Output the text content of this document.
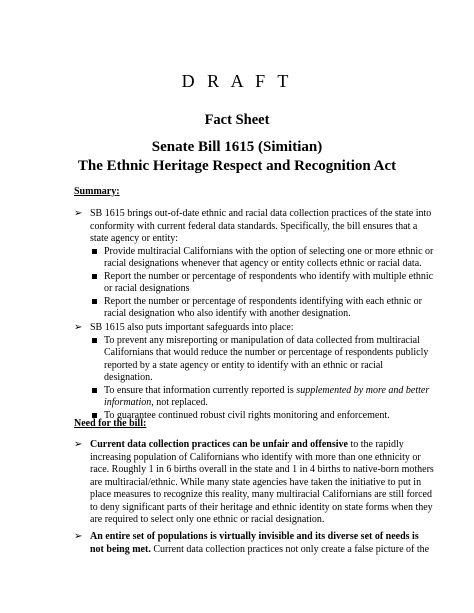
D R A F T
Fact Sheet
Senate Bill 1615 (Simitian)
The Ethnic Heritage Respect and Recognition Act
Summary:
➢ SB 1615 brings out-of-date ethnic and racial data collection practices of the state into conformity with current federal data standards. Specifically, the bill ensures that a state agency or entity:
Provide multiracial Californians with the option of selecting one or more ethnic or racial designations whenever that agency or entity collects ethnic or racial data.
Report the number or percentage of respondents who identify with multiple ethnic or racial designations
Report the number or percentage of respondents identifying with each ethnic or racial designation who also identify with another designation.
➢ SB 1615 also puts important safeguards into place:
To prevent any misreporting or manipulation of data collected from multiracial Californians that would reduce the number or percentage of respondents publicly reported by a state agency or entity to identify with an ethnic or racial designation.
To ensure that information currently reported is supplemented by more and better information, not replaced.
To guarantee continued robust civil rights monitoring and enforcement.
Need for the bill:
➢ Current data collection practices can be unfair and offensive to the rapidly increasing population of Californians who identify with more than one ethnicity or race. Roughly 1 in 6 births overall in the state and 1 in 4 births to native-born mothers are multiracial/ethnic. While many state agencies have taken the initiative to put in place measures to recognize this reality, many multiracial Californians are still forced to deny significant parts of their heritage and ethnic identity on state forms when they are required to select only one ethnic or racial designation.
➢ An entire set of populations is virtually invisible and its diverse set of needs is not being met. Current data collection practices not only create a false picture of the
